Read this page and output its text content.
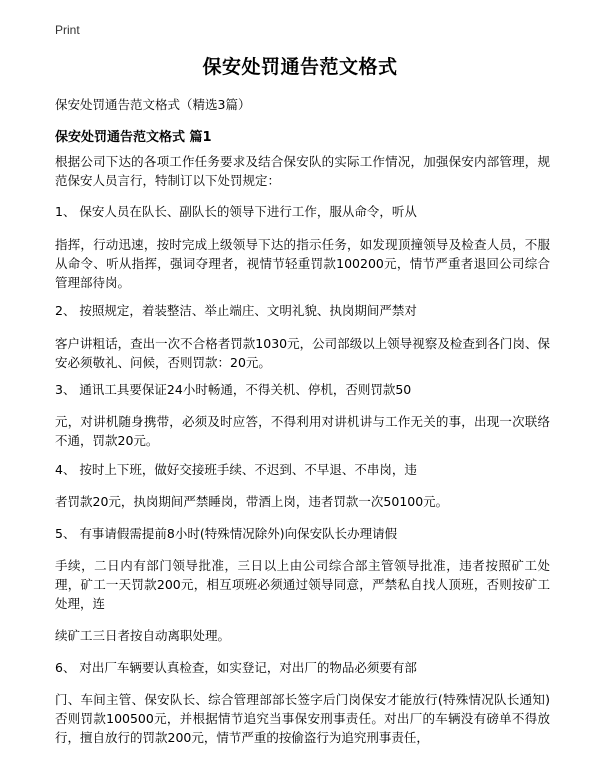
Print
保安处罚通告范文格式
保安处罚通告范文格式（精选3篇）
保安处罚通告范文格式 篇1

根据公司下达的各项工作任务要求及结合保安队的实际工作情况，加强保安内部管理，规范保安人员言行，特制订以下处罚规定：

1、 保安人员在队长、副队长的领导下进行工作，服从命令，听从

指挥，行动迅速，按时完成上级领导下达的指示任务，如发现顶撞领导及检查人员，不服从命令、听从指挥，强词夺理者，视情节轻重罚款100200元，情节严重者退回公司综合管理部待岗。

2、 按照规定，着装整洁、举止端庄、文明礼貌、执岗期间严禁对

客户讲粗话，查出一次不合格者罚款1030元，公司部级以上领导视察及检查到各门岗、保安必须敬礼、问候，否则罚款：20元。

3、 通讯工具要保证24小时畅通，不得关机、停机，否则罚款50

元，对讲机随身携带，必须及时应答，不得利用对讲机讲与工作无关的事，出现一次联络不通，罚款20元。

4、 按时上下班，做好交接班手续、不迟到、不早退、不串岗，违

者罚款20元，执岗期间严禁睡岗，带酒上岗，违者罚款一次50100元。

5、 有事请假需提前8小时(特殊情况除外)向保安队长办理请假

手续，二日内有部门领导批准，三日以上由公司综合部主管领导批准，违者按照矿工处理，矿工一天罚款200元，相互项班必须通过领导同意，严禁私自找人顶班，否则按矿工处理，连

续矿工三日者按自动离职处理。

6、 对出厂车辆要认真检查，如实登记，对出厂的物品必须要有部

门、车间主管、保安队长、综合管理部部长签字后门岗保安才能放行(特殊情况队长通知)否则罚款100500元，并根据情节追究当事保安刑事责任。对出厂的车辆没有磅单不得放行，擅自放行的罚款200元，情节严重的按偷盗行为追究刑事责任，
